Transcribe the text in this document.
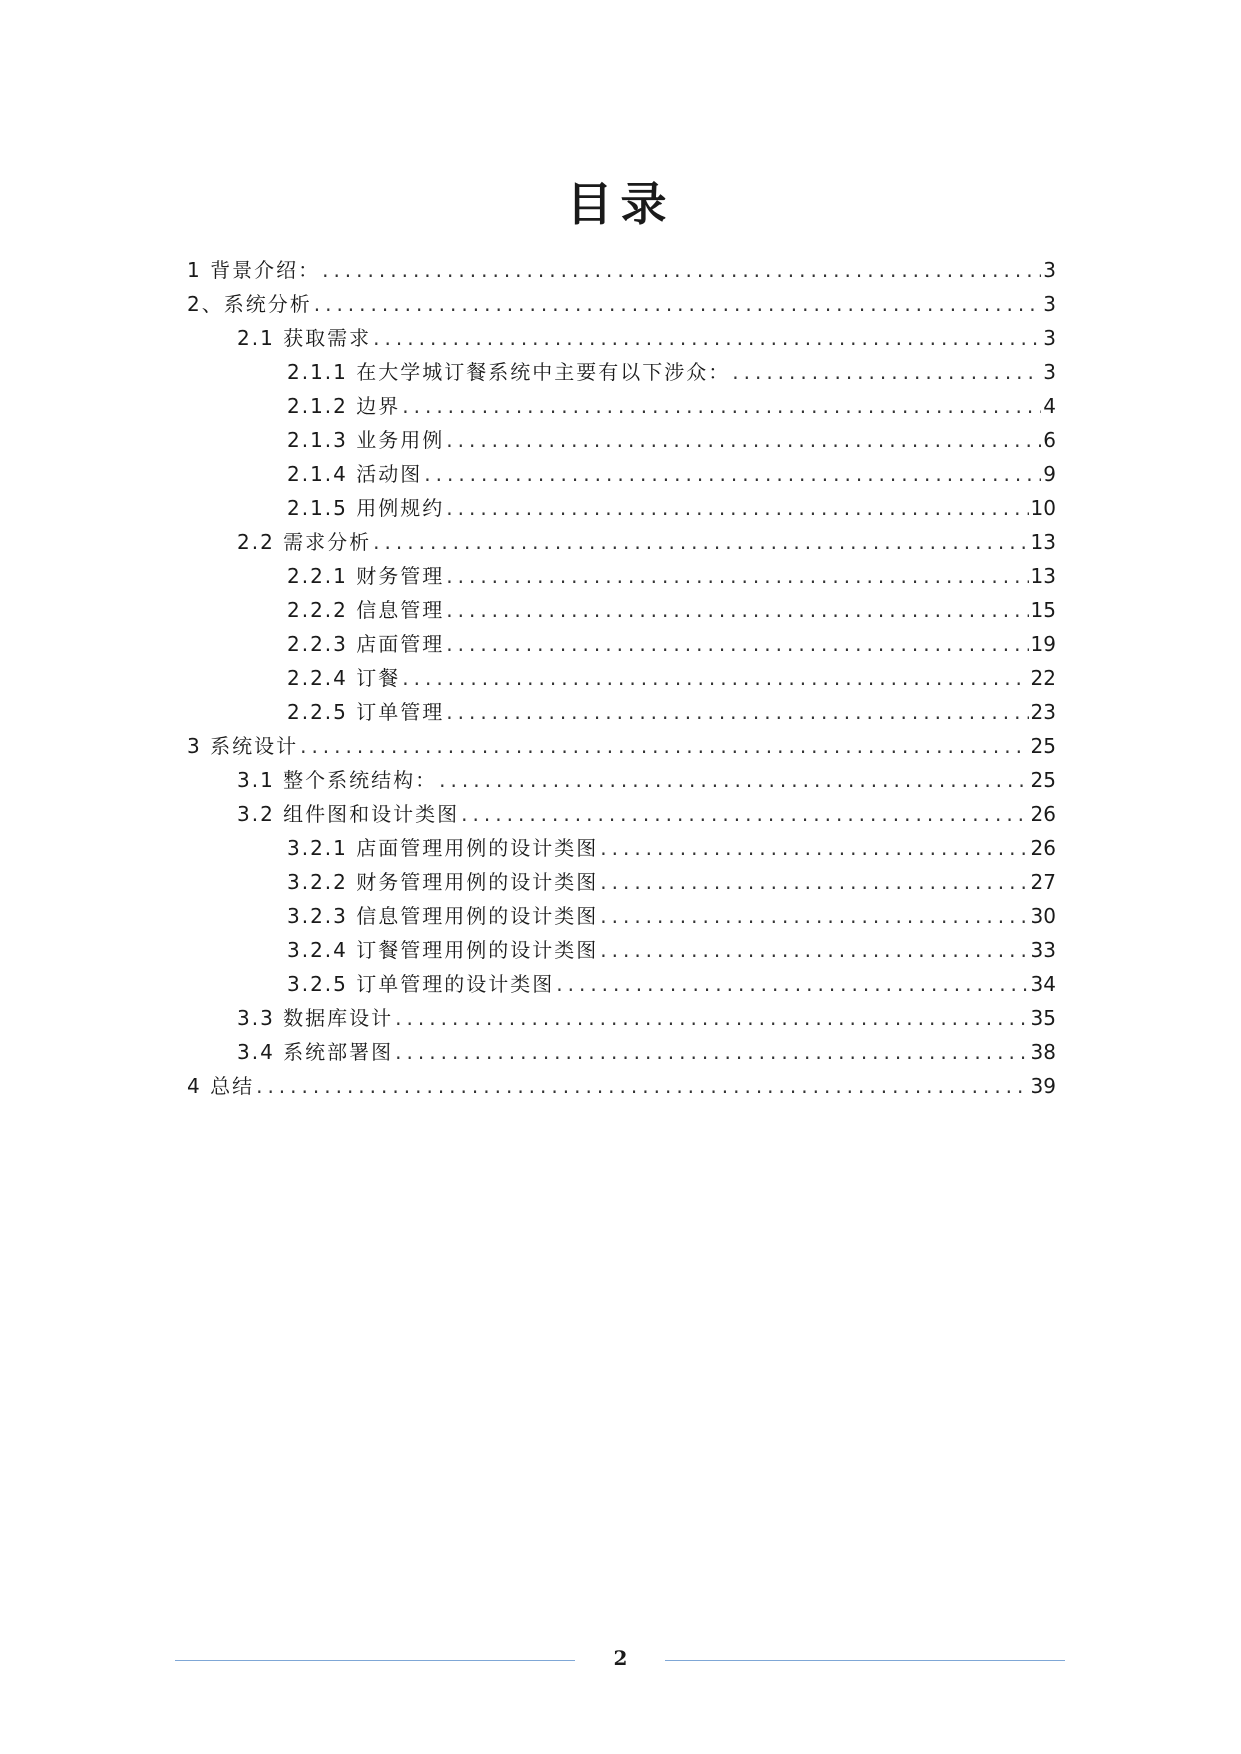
目录
1 背景介绍： .....	3
2、系统分析 .....	3
2.1 获取需求 .....	3
2.1.1 在大学城订餐系统中主要有以下涉众： .....	3
2.1.2 边界 .....	4
2.1.3 业务用例 .....	6
2.1.4 活动图 .....	9
2.1.5 用例规约 .....	10
2.2 需求分析 .....	13
2.2.1 财务管理 .....	13
2.2.2 信息管理 .....	15
2.2.3 店面管理 .....	19
2.2.4 订餐 .....	22
2.2.5 订单管理 .....	23
3 系统设计 .....	25
3.1 整个系统结构： .....	25
3.2 组件图和设计类图 .....	26
3.2.1 店面管理用例的设计类图 .....	26
3.2.2 财务管理用例的设计类图 .....	27
3.2.3 信息管理用例的设计类图 .....	30
3.2.4 订餐管理用例的设计类图 .....	33
3.2.5 订单管理的设计类图 .....	34
3.3 数据库设计 .....	35
3.4 系统部署图 .....	38
4 总结 .....	39
2
